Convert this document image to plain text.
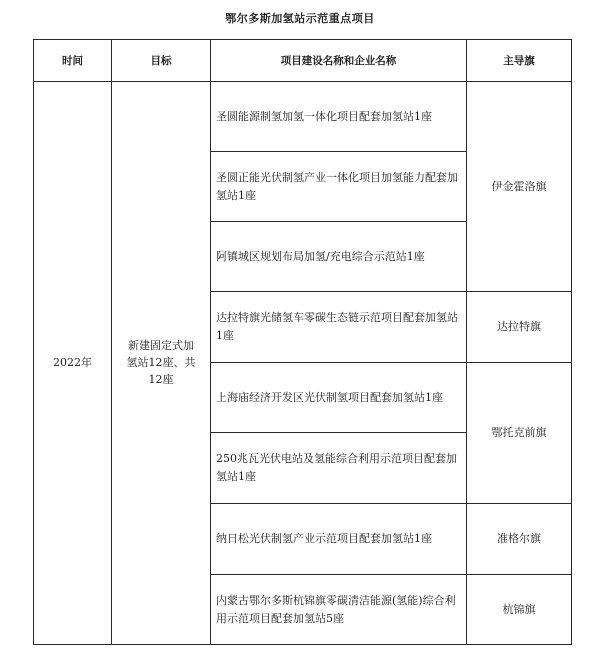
鄂尔多斯加氢站示范重点项目
时间	目标	项目建设名称和企业名称	主导旗
2022年	新建固定式加氢站12座、共12座	圣圆能源制氢加氢一体化项目配套加氢站1座	伊金霍洛旗
		圣圆正能光伏制氢产业一体化项目加氢能力配套加氢站1座	
		阿镇城区规划布局加氢/充电综合示范站1座	
		达拉特旗光储氢车零碳生态链示范项目配套加氢站1座	达拉特旗
		上海庙经济开发区光伏制氢项目配套加氢站1座	鄂托克前旗
		250兆瓦光伏电站及氢能综合利用示范项目配套加氢站1座	
		纳日松光伏制氢产业示范项目配套加氢站1座	准格尔旗
		内蒙古鄂尔多斯杭锦旗零碳清洁能源(氢能)综合利用示范项目配套加氢站5座	杭锦旗
